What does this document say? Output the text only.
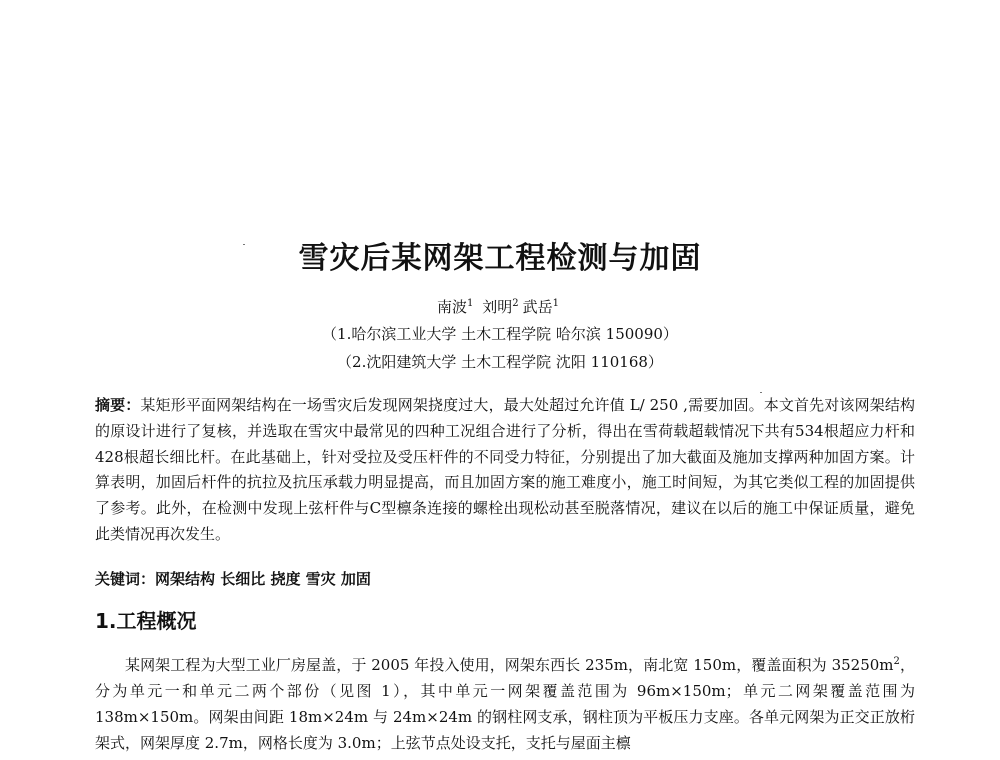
雪灾后某网架工程检测与加固
南波$^1$ 刘明$^2$ 武岳$^1$
（1.哈尔滨工业大学 土木工程学院 哈尔滨 150090）
（2.沈阳建筑大学 土木工程学院 沈阳 110168）
摘要：某矩形平面网架结构在一场雪灾后发现网架挠度过大，最大处超过允许值 L/ 250 ,需要加固。本文首先对该网架结构的原设计进行了复核，并选取在雪灾中最常见的四种工况组合进行了分析，得出在雪荷载超载情况下共有534根超应力杆和428根超长细比杆。在此基础上，针对受拉及受压杆件的不同受力特征，分别提出了加大截面及施加支撑两种加固方案。计算表明，加固后杆件的抗拉及抗压承载力明显提高，而且加固方案的施工难度小，施工时间短，为其它类似工程的加固提供了参考。此外，在检测中发现上弦杆件与C型檩条连接的螺栓出现松动甚至脱落情况，建议在以后的施工中保证质量，避免此类情况再次发生。
关键词：网架结构 长细比 挠度 雪灾 加固
1.工程概况
某网架工程为大型工业厂房屋盖，于 2005 年投入使用，网架东西长 235m，南北宽 150m，覆盖面积为 $35250m^2$，分为单元一和单元二两个部份（见图 1），其中单元一网架覆盖范围为 96m×150m；单元二网架覆盖范围为 138m×150m。网架由间距 18m×24m 与 24m×24m 的钢柱网支承，钢柱顶为平板压力支座。各单元网架为正交正放桁架式，网架厚度 2.7m，网格长度为 3.0m；上弦节点处设支托，支托与屋面主檩
